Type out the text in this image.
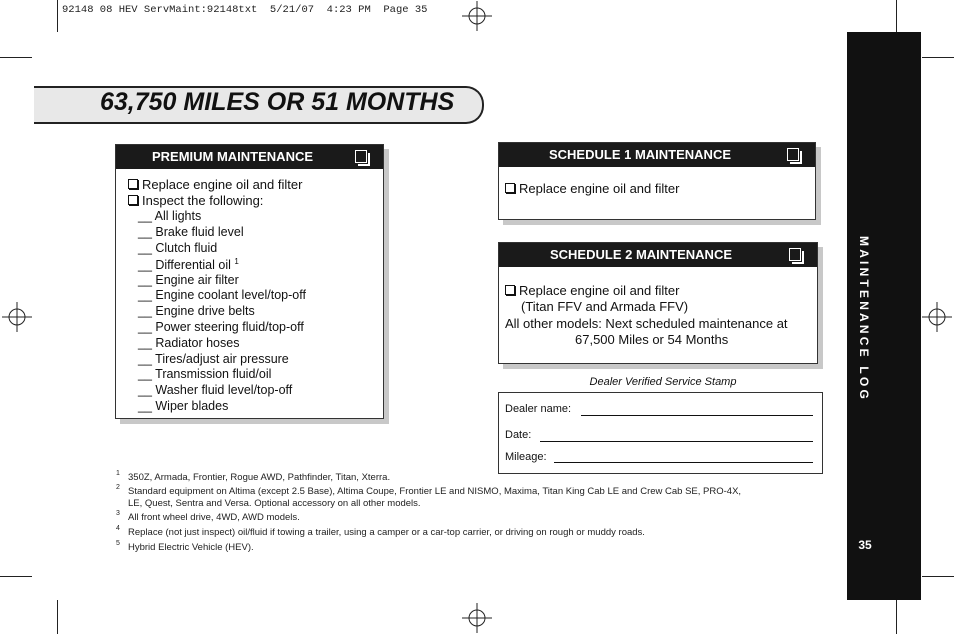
92148 08 HEV ServMaint:92148txt  5/21/07  4:23 PM  Page 35
63,750 MILES OR 51 MONTHS
PREMIUM MAINTENANCE
Replace engine oil and filter
Inspect the following:
__ All lights
__ Brake fluid level
__ Clutch fluid
__ Differential oil $^1$
__ Engine air filter
__ Engine coolant level/top-off
__ Engine drive belts
__ Power steering fluid/top-off
__ Radiator hoses
__ Tires/adjust air pressure
__ Transmission fluid/oil
__ Washer fluid level/top-off
__ Wiper blades
SCHEDULE 1 MAINTENANCE
Replace engine oil and filter
SCHEDULE 2 MAINTENANCE
Replace engine oil and filter
(Titan FFV and Armada FFV)
All other models: Next scheduled maintenance at
67,500 Miles or 54 Months
Dealer Verified Service Stamp
Dealer name:
Date:
Mileage:
$^1$ 350Z, Armada, Frontier, Rogue AWD, Pathfinder, Titan, Xterra.
$^2$ Standard equipment on Altima (except 2.5 Base), Altima Coupe, Frontier LE and NISMO, Maxima, Titan King Cab LE and Crew Cab SE, PRO-4X,
LE, Quest, Sentra and Versa. Optional accessory on all other models.
$^3$ All front wheel drive, 4WD, AWD models.
$^4$ Replace (not just inspect) oil/fluid if towing a trailer, using a camper or a car-top carrier, or driving on rough or muddy roads.
$^5$ Hybrid Electric Vehicle (HEV).
MAINTENANCE LOG
35
